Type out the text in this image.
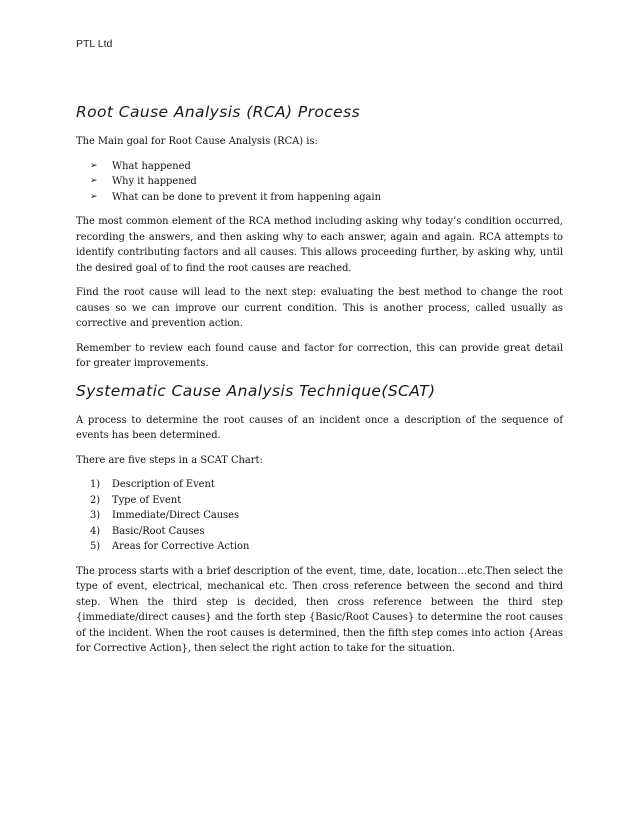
PTL Ltd
Root Cause Analysis (RCA) Process

The Main goal for Root Cause Analysis (RCA) is:

➢ What happened
➢ Why it happened
➢ What can be done to prevent it from happening again

The most common element of the RCA method including asking why today’s condition occurred, recording the answers, and then asking why to each answer, again and again. RCA attempts to identify contributing factors and all causes. This allows proceeding further, by asking why, until the desired goal of to find the root causes are reached.

Find the root cause will lead to the next step: evaluating the best method to change the root causes so we can improve our current condition. This is another process, called usually as corrective and prevention action.

Remember to review each found cause and factor for correction, this can provide great detail for greater improvements.

Systematic Cause Analysis Technique(SCAT)

A process to determine the root causes of an incident once a description of the sequence of events has been determined.

There are five steps in a SCAT Chart:

1) Description of Event
2) Type of Event
3) Immediate/Direct Causes
4) Basic/Root Causes
5) Areas for Corrective Action

The process starts with a brief description of the event, time, date, location…etc.Then select the type of event, electrical, mechanical etc. Then cross reference between the second and third step. When the third step is decided, then cross reference between the third step {immediate/direct causes} and the forth step {Basic/Root Causes} to determine the root causes of the incident. When the root causes is determined, then the fifth step comes into action {Areas for Corrective Action}, then select the right action to take for the situation.
